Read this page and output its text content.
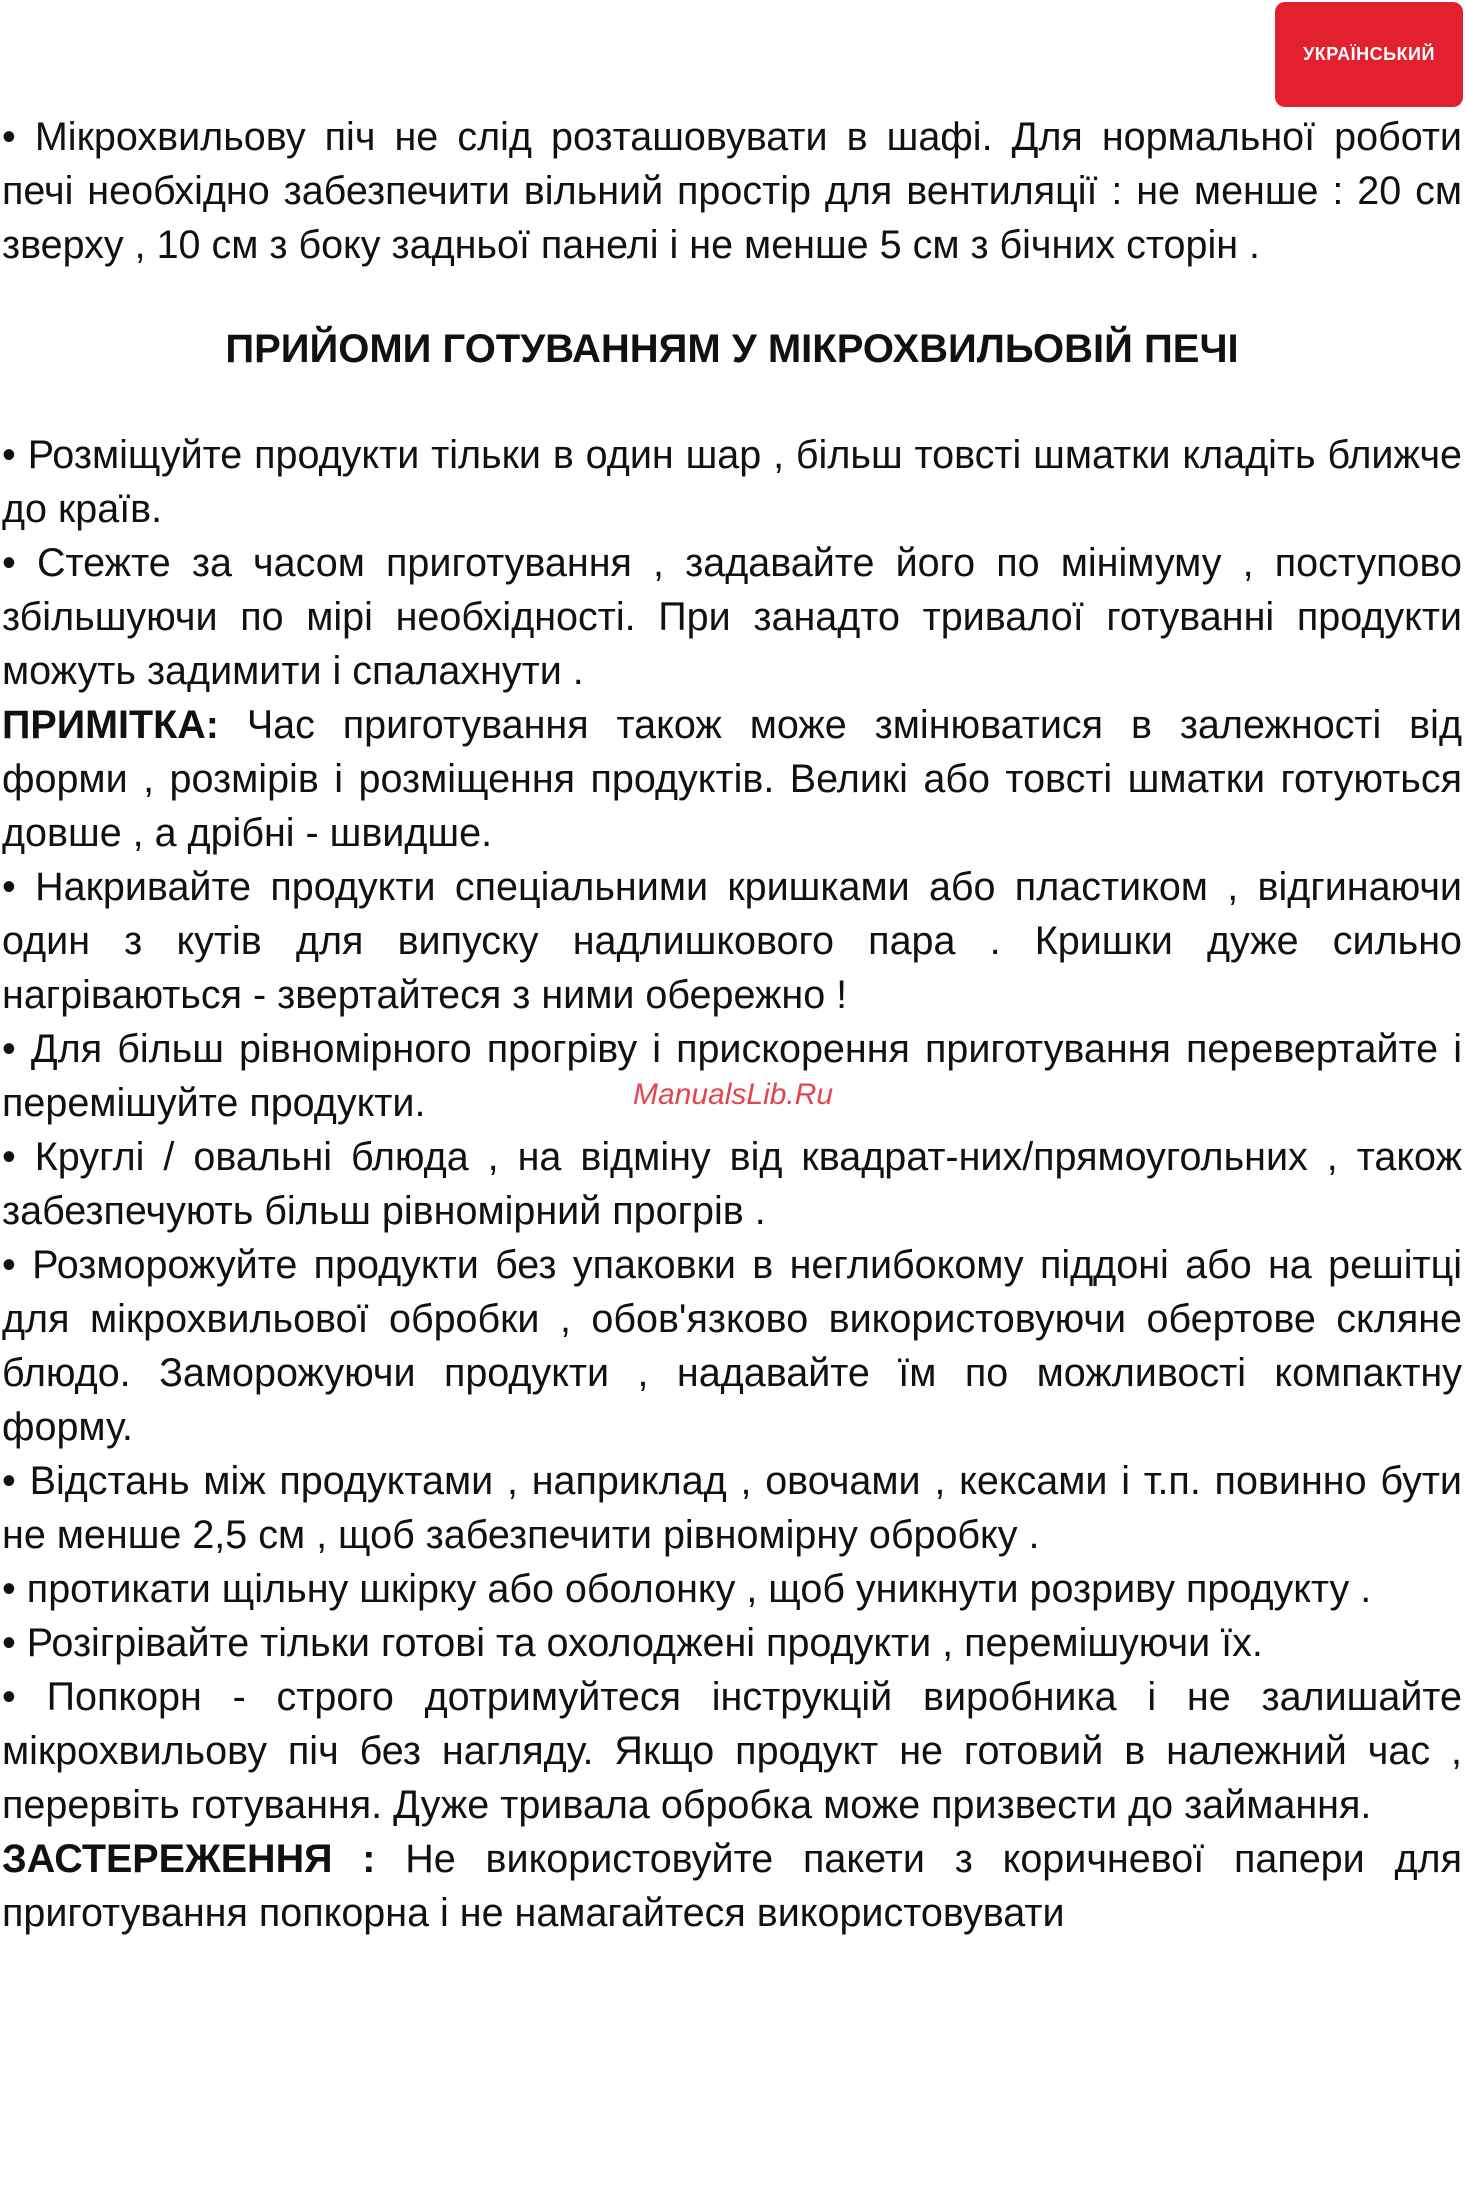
УКРАЇНСЬКИЙ

• Мікрохвильову піч не слід розташовувати в шафі. Для нормальної роботи печі необхідно забезпечити вільний простір для вентиляції : не менше : 20 см зверху , 10 см з боку задньої панелі і не менше 5 см з бічних сторін .

ПРИЙОМИ ГОТУВАННЯМ У МІКРОХВИЛЬОВІЙ ПЕЧІ

• Розміщуйте продукти тільки в один шар , більш товсті шматки кладіть ближче до країв.

• Стежте за часом приготування , задавайте його по мінімуму , поступово збільшуючи по мірі необхідності. При занадто тривалої готуванні продукти можуть задимити і спалахнути .

ПРИМІТКА: Час приготування також може змінюватися в залежності від форми , розмірів і розміщення продуктів. Великі або товсті шматки готуються довше , а дрібні - швидше.

• Накривайте продукти спеціальними кришками або пластиком , відгинаючи один з кутів для випуску надлишкового пара . Кришки дуже сильно нагріваються - звертайтеся з ними обережно !

• Для більш рівномірного прогріву і прискорення приготування перевертайте і перемішуйте продукти.

• Круглі / овальні блюда , на відміну від квадрат-них/прямоугольних , також забезпечують більш рівномірний прогрів .

• Розморожуйте продукти без упаковки в неглибокому піддоні або на решітці для мікрохвильової обробки , обов'язково використовуючи обертове скляне блюдо. Заморожуючи продукти , надавайте їм по можливості компактну форму.

• Відстань між продуктами , наприклад , овочами , кексами і т.п. повинно бути не менше 2,5 см , щоб забезпечити рівномірну обробку .

• протикати щільну шкірку або оболонку , щоб уникнути розриву продукту .

• Розігрівайте тільки готові та охолоджені продукти , перемішуючи їх.

• Попкорн - строго дотримуйтеся інструкцій виробника і не залишайте мікрохвильову піч без нагляду. Якщо продукт не готовий в належний час , перервіть готування. Дуже тривала обробка може призвести до займання.

ЗАСТЕРЕЖЕННЯ : Не використовуйте пакети з коричневої папери для приготування попкорна і не намагайтеся використовувати

ManualsLib.Ru
